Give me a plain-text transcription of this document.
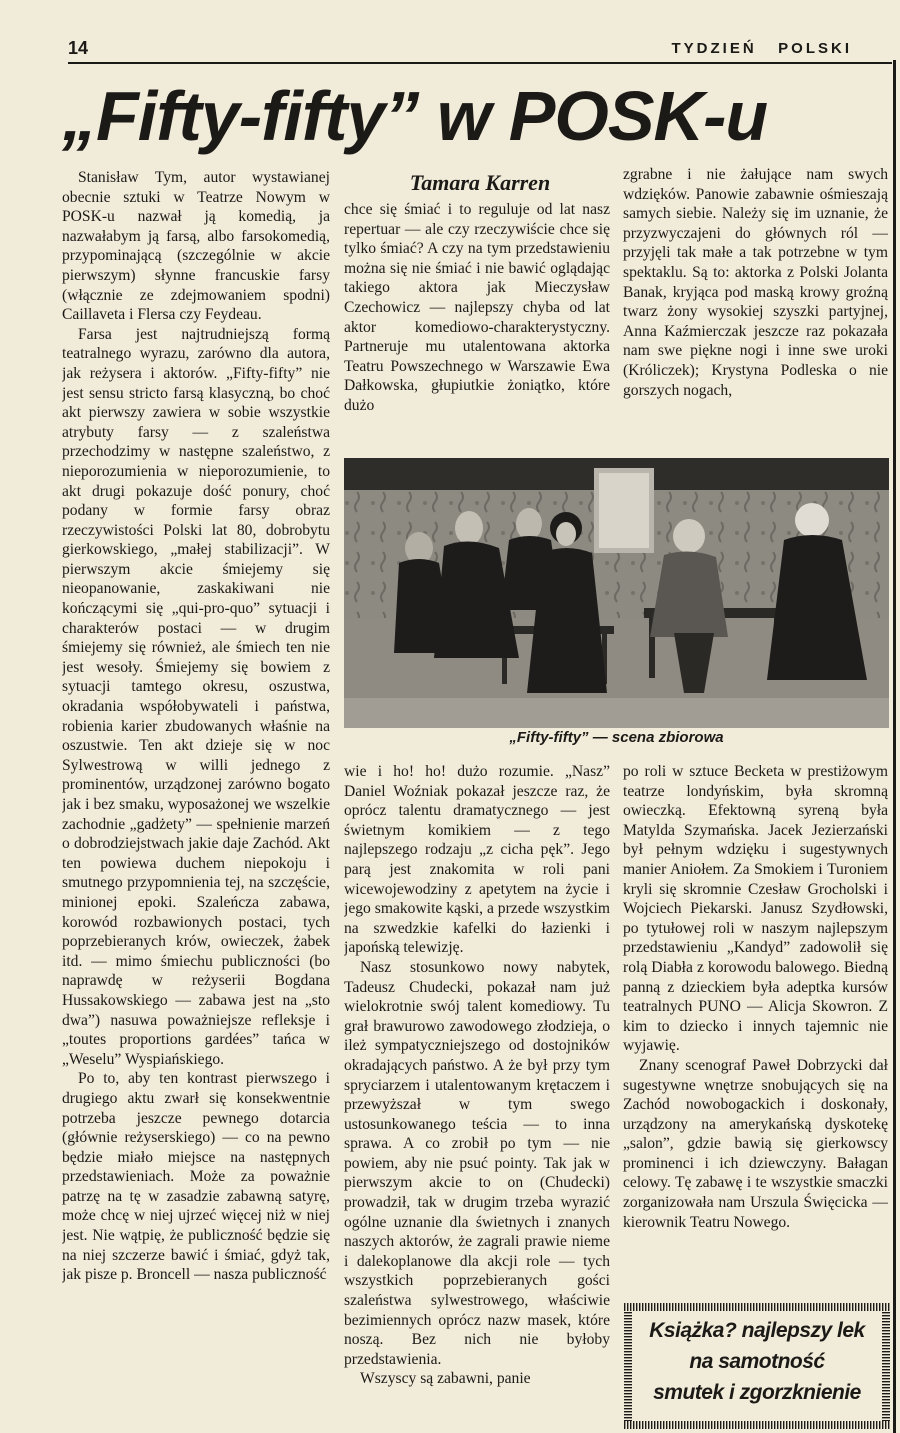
14	TYDZIEŃ   POLSKI
„Fifty-fifty” w POSK-u

Stanisław Tym, autor wystawianej obecnie sztuki w Teatrze Nowym w POSK-u nazwał ją komedią, ja nazwałabym ją farsą, albo farsokomedią, przypominającą (szczególnie w akcie pierwszym) słynne francuskie farsy (włącznie ze zdejmowaniem spodni) Caillaveta i Flersa czy Feydeau.

Farsa jest najtrudniejszą formą teatralnego wyrazu, zarówno dla autora, jak reżysera i aktorów. „Fifty-fifty” nie jest sensu stricto farsą klasyczną, bo choć akt pierwszy zawiera w sobie wszystkie atrybuty farsy — z szaleństwa przechodzimy w następne szaleństwo, z nieporozumienia w nieporozumienie, to akt drugi pokazuje dość ponury, choć podany w formie farsy obraz rzeczywistości Polski lat 80, dobrobytu gierkowskiego, „małej stabilizacji”. W pierwszym akcie śmiejemy się nieopanowanie, zaskakiwani nie kończącymi się „qui-pro-quo” sytuacji i charakterów postaci — w drugim śmiejemy się również, ale śmiech ten nie jest wesoły. Śmiejemy się bowiem z sytuacji tamtego okresu, oszustwa, okradania współobywateli i państwa, robienia karier zbudowanych właśnie na oszustwie. Ten akt dzieje się w noc Sylwestrową w willi jednego z prominentów, urządzonej zarówno bogato jak i bez smaku, wyposażonej we wszelkie zachodnie „gadżety” — spełnienie marzeń o dobrodziejstwach jakie daje Zachód. Akt ten powiewa duchem niepokoju i smutnego przypomnienia tej, na szczęście, minionej epoki. Szaleńcza zabawa, korowód rozbawionych postaci, tych poprzebieranych krów, owieczek, żabek itd. — mimo śmiechu publiczności (bo naprawdę w reżyserii Bogdana Hussakowskiego — zabawa jest na „sto dwa”) nasuwa poważniejsze refleksje i „toutes proportions gardées” tańca w „Weselu” Wyspiańskiego.

Po to, aby ten kontrast pierwszego i drugiego aktu zwarł się konsekwentnie potrzeba jeszcze pewnego dotarcia (głównie reżyserskiego) — co na pewno będzie miało miejsce na następnych przedstawieniach. Może za poważnie patrzę na tę w zasadzie zabawną satyrę, może chcę w niej ujrzeć więcej niż w niej jest. Nie wątpię, że publiczność będzie się na niej szczerze bawić i śmiać, gdyż tak, jak pisze p. Broncell — nasza publiczność

Tamara Karren

chce się śmiać i to reguluje od lat nasz repertuar — ale czy rzeczywiście chce się tylko śmiać? A czy na tym przedstawieniu można się nie śmiać i nie bawić oglądając takiego aktora jak Mieczysław Czechowicz — najlepszy chyba od lat aktor komediowo-charakterystyczny. Partneruje mu utalentowana aktorka Teatru Powszechnego w Warszawie Ewa Dałkowska, głupiutkie żoniątko, które dużo

zgrabne i nie żałujące nam swych wdzięków. Panowie zabawnie ośmieszają samych siebie. Należy się im uznanie, że przyzwyczajeni do głównych ról — przyjęli tak małe a tak potrzebne w tym spektaklu. Są to: aktorka z Polski Jolanta Banak, kryjąca pod maską krowy groźną twarz żony wysokiej szyszki partyjnej, Anna Kaźmierczak jeszcze raz pokazała nam swe piękne nogi i inne swe uroki (Króliczek); Krystyna Podleska o nie gorszych nogach,

„Fifty-fifty” — scena zbiorowa

wie i ho! ho! dużo rozumie. „Nasz” Daniel Woźniak pokazał jeszcze raz, że oprócz talentu dramatycznego — jest świetnym komikiem — z tego najlepszego rodzaju „z cicha pęk”. Jego parą jest znakomita w roli pani wicewojewodziny z apetytem na życie i jego smakowite kąski, a przede wszystkim na szwedzkie kafelki do łazienki i japońską telewizję.

Nasz stosunkowo nowy nabytek, Tadeusz Chudecki, pokazał nam już wielokrotnie swój talent komediowy. Tu grał brawurowo zawodowego złodzieja, o ileż sympatyczniejszego od dostojników okradających państwo. A że był przy tym spryciarzem i utalentowanym krętaczem i przewyższał w tym swego ustosunkowanego teścia — to inna sprawa. A co zrobił po tym — nie powiem, aby nie psuć pointy. Tak jak w pierwszym akcie to on (Chudecki) prowadził, tak w drugim trzeba wyrazić ogólne uznanie dla świetnych i znanych naszych aktorów, że zagrali prawie nieme i dalekoplanowe dla akcji role — tych wszystkich poprzebieranych gości szaleństwa sylwestrowego, właściwie bezimiennych oprócz nazw masek, które noszą. Bez nich nie byłoby przedstawienia.

Wszyscy są zabawni, panie

po roli w sztuce Becketa w prestiżowym teatrze londyńskim, była skromną owieczką. Efektowną syreną była Matylda Szymańska. Jacek Jezierzański był pełnym wdzięku i sugestywnych manier Aniołem. Za Smokiem i Turoniem kryli się skromnie Czesław Grocholski i Wojciech Piekarski. Janusz Szydłowski, po tytułowej roli w naszym najlepszym przedstawieniu „Kandyd” zadowolił się rolą Diabła z korowodu balowego. Biedną panną z dzieckiem była adeptka kursów teatralnych PUNO — Alicja Skowron. Z kim to dziecko i innych tajemnic nie wyjawię.

Znany scenograf Paweł Dobrzycki dał sugestywne wnętrze snobujących się na Zachód nowobogackich i doskonały, urządzony na amerykańską dyskotekę „salon”, gdzie bawią się gierkowscy prominenci i ich dziewczyny. Bałagan celowy. Tę zabawę i te wszystkie smaczki zorganizowała nam Urszula Święcicka — kierownik Teatru Nowego.

Książka? najlepszy lek
na samotność
smutek i zgorzknienie
